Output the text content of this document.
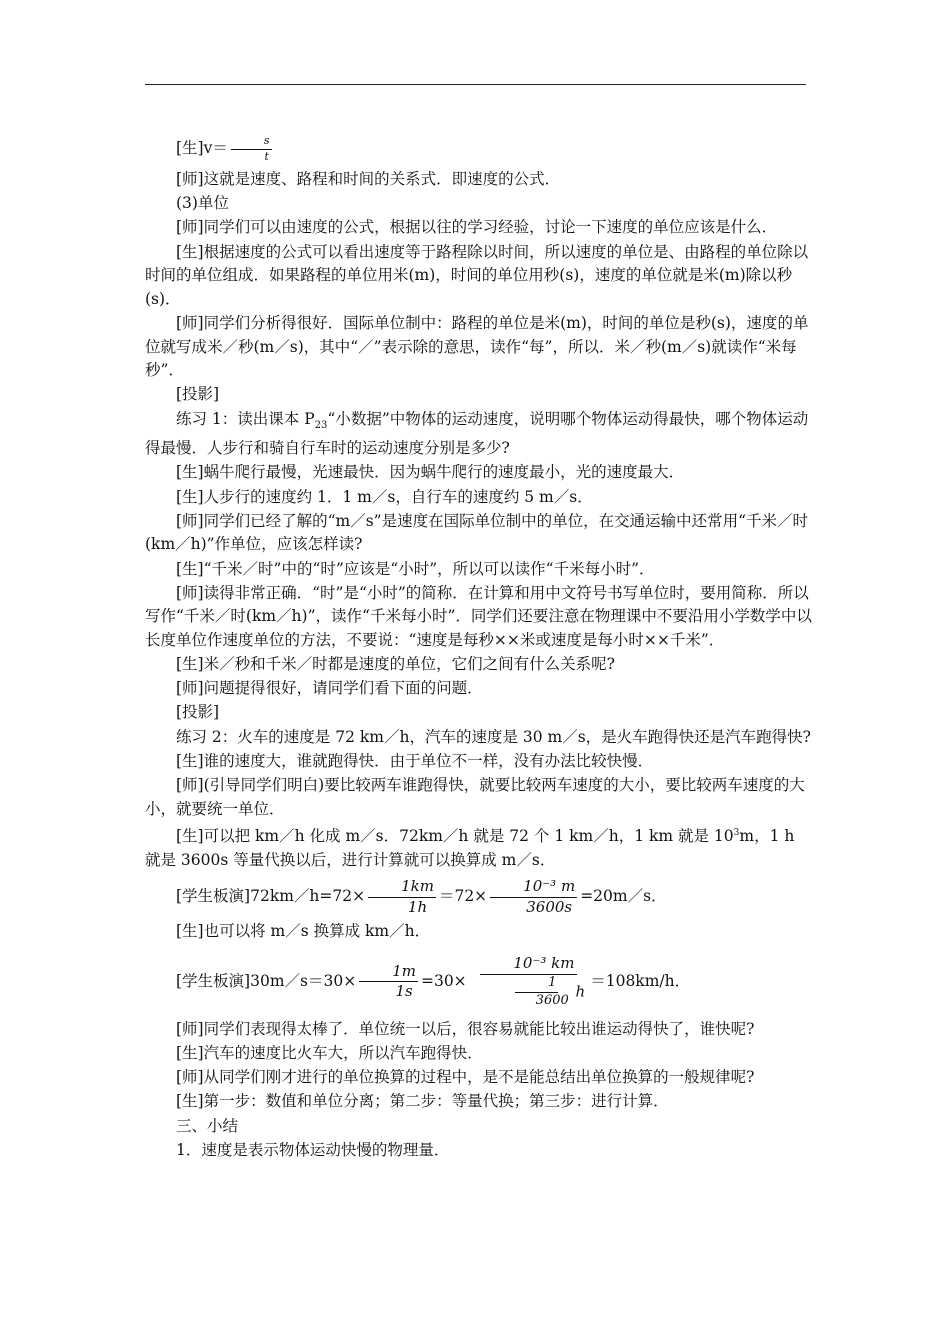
[生]$v= \frac{s}{t}$

[师]这就是速度、路程和时间的关系式．即速度的公式．

(3)单位

[师]同学们可以由速度的公式，根据以往的学习经验，讨论一下速度的单位应该是什么．

[生]根据速度的公式可以看出速度等于路程除以时间，所以速度的单位是、由路程的单位除以时间的单位组成．如果路程的单位用米(m)，时间的单位用秒(s)，速度的单位就是米(m)除以秒(s)．

[师]同学们分析得很好．国际单位制中：路程的单位是米(m)，时间的单位是秒(s)，速度的单位就写成米／秒(m／s)，其中“／”表示除的意思，读作“每”，所以．米／秒(m／s)就读作“米每秒”．

[投影]

练习 1：读出课本 $P_{23}“$小数据”中物体的运动速度，说明哪个物体运动得最快，哪个物体运动得最慢．人步行和骑自行车时的运动速度分别是多少?

[生]蜗牛爬行最慢，光速最快．因为蜗牛爬行的速度最小，光的速度最大．

[生]人步行的速度约 1．1 m／s，自行车的速度约 5 m／s．

[师]同学们已经了解的“m／s”是速度在国际单位制中的单位，在交通运输中还常用“千米／时(km／h)”作单位，应该怎样读?

[生]“千米／时”中的“时”应该是“小时”，所以可以读作“千米每小时”．

[师]读得非常正确．“时”是“小时”的简称．在计算和用中文符号书写单位时，要用简称．所以写作“千米／时(km／h)”，读作“千米每小时”．同学们还要注意在物理课中不要沿用小学数学中以长度单位作速度单位的方法，不要说：“速度是每秒××米或速度是每小时××千米”．

[生]米／秒和千米／时都是速度的单位，它们之间有什么关系呢?

[师]问题提得很好，请同学们看下面的问题．

[投影]

练习 2：火车的速度是 72 km／h，汽车的速度是 30 m／s，是火车跑得快还是汽车跑得快?

[生]谁的速度大，谁就跑得快．由于单位不一样，没有办法比较快慢．

[师](引导同学们明白)要比较两车谁跑得快，就要比较两车速度的大小，要比较两车速度的大小，就要统一单位．

[生]可以把 km／h 化成 m／s．72km／h 就是 72 个 1 km／h，1 km 就是 $10^3m$，1 h 就是 3600s 等量代换以后，进行计算就可以换算成 m／s．

[学生板演]72km／h=72× $\frac{1km}{1h} =72\times \frac{\text{10⁻³ m}}{3600s}$ =20m／s．

[生]也可以将 m／s 换算成 km／h．

[学生板演]30m／s＝30× $\frac{1m}{1s} =30\times \frac{\text{10⁻³ km}}{\frac{1}{3600} h} =108km/h$．

[师]同学们表现得太棒了．单位统一以后，很容易就能比较出谁运动得快了，谁快呢?

[生]汽车的速度比火车大，所以汽车跑得快．

[师]从同学们刚才进行的单位换算的过程中，是不是能总结出单位换算的一般规律呢?

[生]第一步：数值和单位分离；第二步：等量代换；第三步：进行计算．

三、小结

1．速度是表示物体运动快慢的物理量．
